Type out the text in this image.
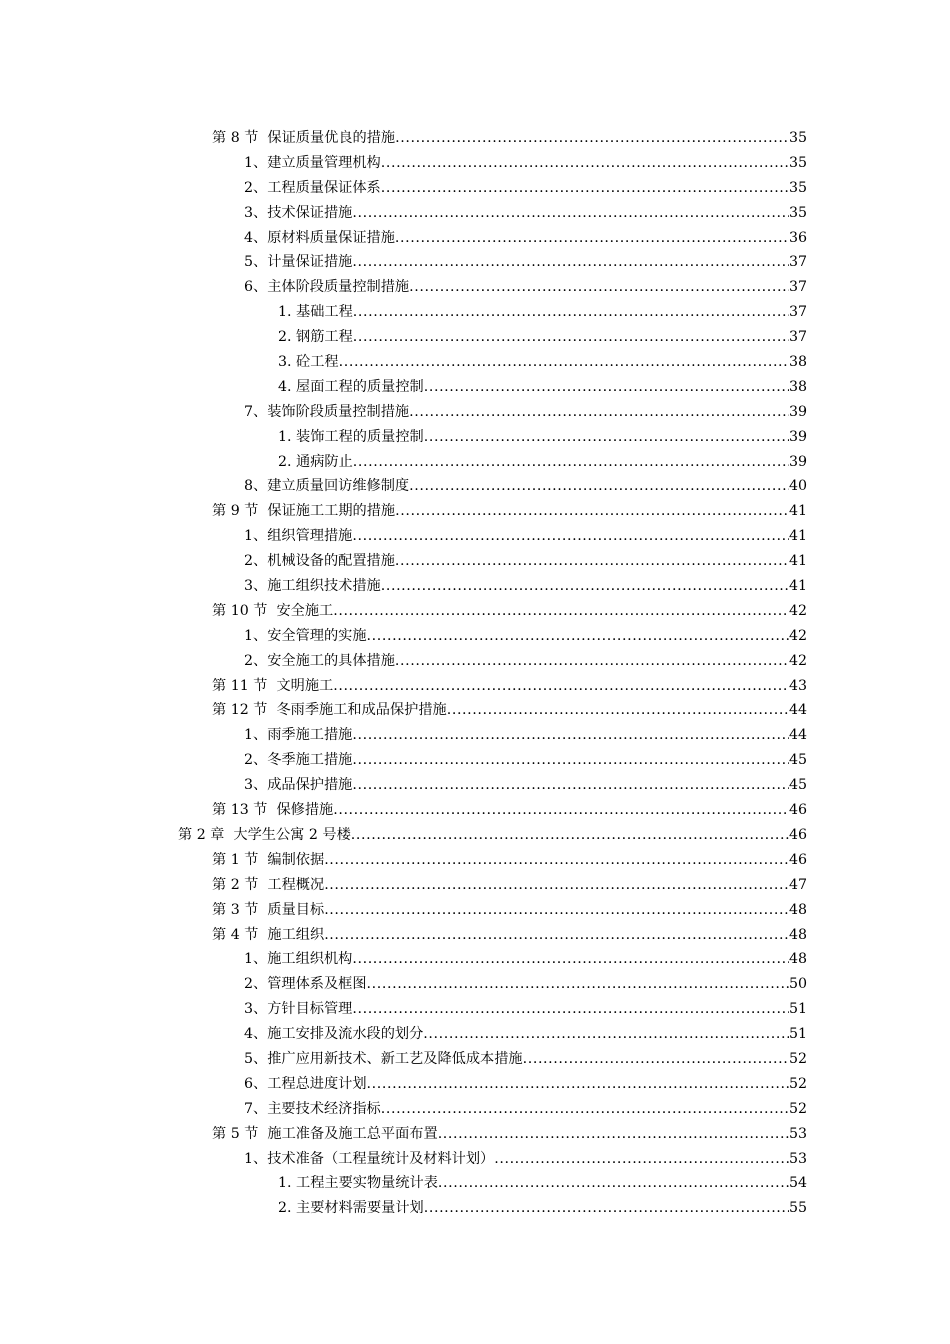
第 8 节 保证质量优良的措施 .....	35
1、 建立质量管理机构 .....	35
2、 工程质量保证体系 .....	35
3、 技术保证措施 .....	35
4、 原材料质量保证措施 .....	36
5、 计量保证措施 .....	37
6、 主体阶段质量控制措施 .....	37
1. 基础工程 .....	37
2. 钢筋工程 .....	37
3. 砼工程 .....	38
4. 屋面工程的质量控制 .....	38
7、 装饰阶段质量控制措施 .....	39
1. 装饰工程的质量控制 .....	39
2. 通病防止 .....	39
8、 建立质量回访维修制度 .....	40
第 9 节 保证施工工期的措施 .....	41
1、 组织管理措施 .....	41
2、 机械设备的配置措施 .....	41
3、 施工组织技术措施 .....	41
第 10 节 安全施工 .....	42
1、 安全管理的实施 .....	42
2、 安全施工的具体措施 .....	42
第 11 节 文明施工 .....	43
第 12 节 冬雨季施工和成品保护措施 .....	44
1、 雨季施工措施 .....	44
2、 冬季施工措施 .....	45
3、 成品保护措施 .....	45
第 13 节 保修措施 .....	46
第 2 章 大学生公寓 2 号楼 .....	46
第 1 节 编制依据 .....	46
第 2 节 工程概况 .....	47
第 3 节 质量目标 .....	48
第 4 节 施工组织 .....	48
1、 施工组织机构 .....	48
2、 管理体系及框图 .....	50
3、 方针目标管理 .....	51
4、 施工安排及流水段的划分 .....	51
5、 推广应用新技术、新工艺及降低成本措施 .....	52
6、 工程总进度计划 .....	52
7、 主要技术经济指标 .....	52
第 5 节 施工准备及施工总平面布置 .....	53
1、 技术准备（工程量统计及材料计划） .....	53
1. 工程主要实物量统计表 .....	54
2. 主要材料需要量计划 .....	55
